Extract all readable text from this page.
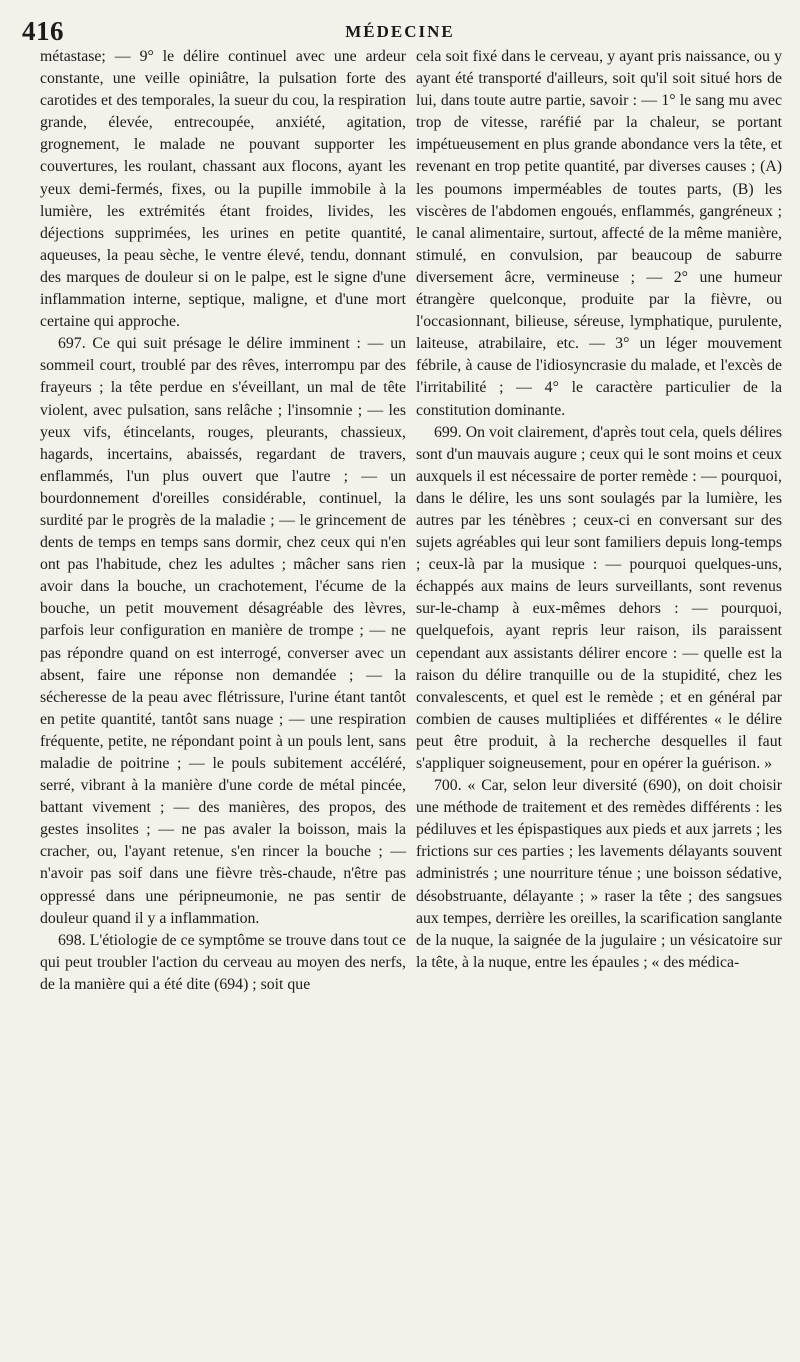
416	MÉDECINE

métastase; — 9° le délire continuel avec une ardeur constante, une veille opiniâtre, la pulsation forte des carotides et des temporales, la sueur du cou, la respiration grande, élevée, entrecoupée, anxiété, agitation, grognement, le malade ne pouvant supporter les couvertures, les roulant, chassant aux flocons, ayant les yeux demi-fermés, fixes, ou la pupille immobile à la lumière, les extrémités étant froides, livides, les déjections supprimées, les urines en petite quantité, aqueuses, la peau sèche, le ventre élevé, tendu, donnant des marques de douleur si on le palpe, est le signe d'une inflammation interne, septique, maligne, et d'une mort certaine qui approche.

697. Ce qui suit présage le délire imminent : — un sommeil court, troublé par des rêves, interrompu par des frayeurs ; la tête perdue en s'éveillant, un mal de tête violent, avec pulsation, sans relâche ; l'insomnie ; — les yeux vifs, étincelants, rouges, pleurants, chassieux, hagards, incertains, abaissés, regardant de travers, enflammés, l'un plus ouvert que l'autre ; — un bourdonnement d'oreilles considérable, continuel, la surdité par le progrès de la maladie ; — le grincement de dents de temps en temps sans dormir, chez ceux qui n'en ont pas l'habitude, chez les adultes ; mâcher sans rien avoir dans la bouche, un crachotement, l'écume de la bouche, un petit mouvement désagréable des lèvres, parfois leur configuration en manière de trompe ; — ne pas répondre quand on est interrogé, converser avec un absent, faire une réponse non demandée ; — la sécheresse de la peau avec flétrissure, l'urine étant tantôt en petite quantité, tantôt sans nuage ; — une respiration fréquente, petite, ne répondant point à un pouls lent, sans maladie de poitrine ; — le pouls subitement accéléré, serré, vibrant à la manière d'une corde de métal pincée, battant vivement ; — des manières, des propos, des gestes insolites ; — ne pas avaler la boisson, mais la cracher, ou, l'ayant retenue, s'en rincer la bouche ; — n'avoir pas soif dans une fièvre très-chaude, n'être pas oppressé dans une péripneumonie, ne pas sentir de douleur quand il y a inflammation.

698. L'étiologie de ce symptôme se trouve dans tout ce qui peut troubler l'action du cerveau au moyen des nerfs, de la manière qui a été dite (694) ; soit que

cela soit fixé dans le cerveau, y ayant pris naissance, ou y ayant été transporté d'ailleurs, soit qu'il soit situé hors de lui, dans toute autre partie, savoir : — 1° le sang mu avec trop de vitesse, raréfié par la chaleur, se portant impétueusement en plus grande abondance vers la tête, et revenant en trop petite quantité, par diverses causes ; (A) les poumons imperméables de toutes parts, (B) les viscères de l'abdomen engoués, enflammés, gangréneux ; le canal alimentaire, surtout, affecté de la même manière, stimulé, en convulsion, par beaucoup de saburre diversement âcre, vermineuse ; — 2° une humeur étrangère quelconque, produite par la fièvre, ou l'occasionnant, bilieuse, séreuse, lymphatique, purulente, laiteuse, atrabilaire, etc. — 3° un léger mouvement fébrile, à cause de l'idiosyncrasie du malade, et l'excès de l'irritabilité ; — 4° le caractère particulier de la constitution dominante.

699. On voit clairement, d'après tout cela, quels délires sont d'un mauvais augure ; ceux qui le sont moins et ceux auxquels il est nécessaire de porter remède : — pourquoi, dans le délire, les uns sont soulagés par la lumière, les autres par les ténèbres ; ceux-ci en conversant sur des sujets agréables qui leur sont familiers depuis long-temps ; ceux-là par la musique : — pourquoi quelques-uns, échappés aux mains de leurs surveillants, sont revenus sur-le-champ à eux-mêmes dehors : — pourquoi, quelquefois, ayant repris leur raison, ils paraissent cependant aux assistants délirer encore : — quelle est la raison du délire tranquille ou de la stupidité, chez les convalescents, et quel est le remède ; et en général par combien de causes multipliées et différentes « le délire peut être produit, à la recherche desquelles il faut s'appliquer soigneusement, pour en opérer la guérison. »

700. « Car, selon leur diversité (690), on doit choisir une méthode de traitement et des remèdes différents : les pédiluves et les épispastiques aux pieds et aux jarrets ; les frictions sur ces parties ; les lavements délayants souvent administrés ; une nourriture ténue ; une boisson sédative, désobstruante, délayante ; » raser la tête ; des sangsues aux tempes, derrière les oreilles, la scarification sanglante de la nuque, la saignée de la jugulaire ; un vésicatoire sur la tête, à la nuque, entre les épaules ; « des médica-
